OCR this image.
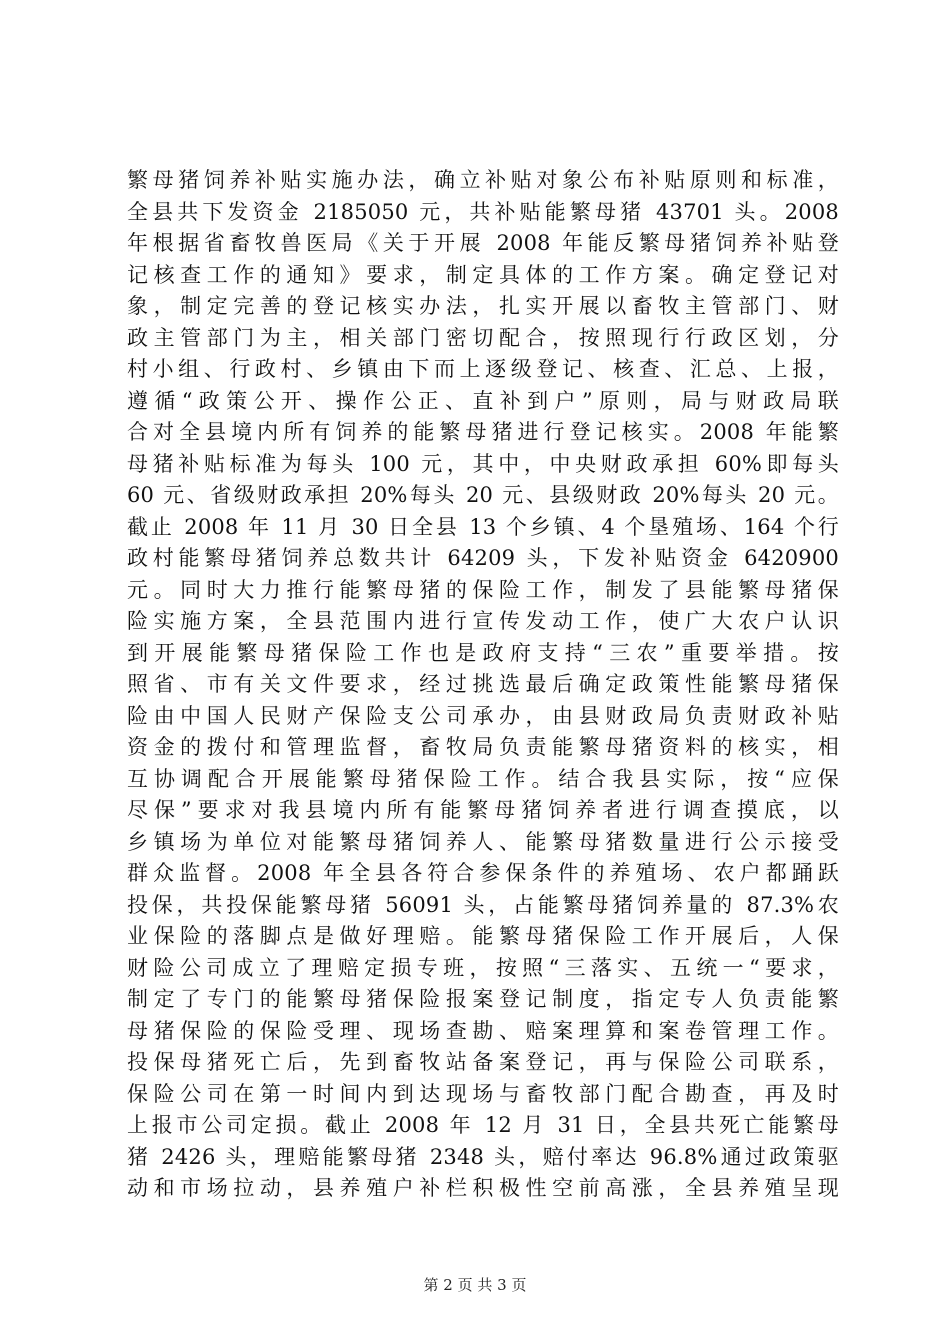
繁母猪饲养补贴实施办法，确立补贴对象公布补贴原则和标准，
全县共下发资金 2185050 元，共补贴能繁母猪 43701 头。2008
年根据省畜牧兽医局《关于开展 2008 年能反繁母猪饲养补贴登
记核查工作的通知》要求，制定具体的工作方案。确定登记对
象，制定完善的登记核实办法，扎实开展以畜牧主管部门、财
政主管部门为主，相关部门密切配合，按照现行行政区划，分
村小组、行政村、乡镇由下而上逐级登记、核查、汇总、上报，
遵循“政策公开、操作公正、直补到户”原则，局与财政局联
合对全县境内所有饲养的能繁母猪进行登记核实。2008 年能繁
母猪补贴标准为每头 100 元，其中，中央财政承担 60%即每头
60 元、省级财政承担 20%每头 20 元、县级财政 20%每头 20 元。
截止 2008 年 11 月 30 日全县 13 个乡镇、4 个垦殖场、164 个行
政村能繁母猪饲养总数共计 64209 头，下发补贴资金 6420900
元。同时大力推行能繁母猪的保险工作，制发了县能繁母猪保
险实施方案，全县范围内进行宣传发动工作，使广大农户认识
到开展能繁母猪保险工作也是政府支持“三农”重要举措。按
照省、市有关文件要求，经过挑选最后确定政策性能繁母猪保
险由中国人民财产保险支公司承办，由县财政局负责财政补贴
资金的拨付和管理监督，畜牧局负责能繁母猪资料的核实，相
互协调配合开展能繁母猪保险工作。结合我县实际，按“应保
尽保”要求对我县境内所有能繁母猪饲养者进行调查摸底，以
乡镇场为单位对能繁母猪饲养人、能繁母猪数量进行公示接受
群众监督。2008 年全县各符合参保条件的养殖场、农户都踊跃
投保，共投保能繁母猪 56091 头，占能繁母猪饲养量的 87.3%农
业保险的落脚点是做好理赔。能繁母猪保险工作开展后，人保
财险公司成立了理赔定损专班，按照“三落实、五统一“要求，
制定了专门的能繁母猪保险报案登记制度，指定专人负责能繁
母猪保险的保险受理、现场查勘、赔案理算和案卷管理工作。
投保母猪死亡后，先到畜牧站备案登记，再与保险公司联系，
保险公司在第一时间内到达现场与畜牧部门配合勘查，再及时
上报市公司定损。截止 2008 年 12 月 31 日，全县共死亡能繁母
猪 2426 头，理赔能繁母猪 2348 头，赔付率达 96.8%通过政策驱
动和市场拉动，县养殖户补栏积极性空前高涨，全县养殖呈现
第 2 页 共 3 页
